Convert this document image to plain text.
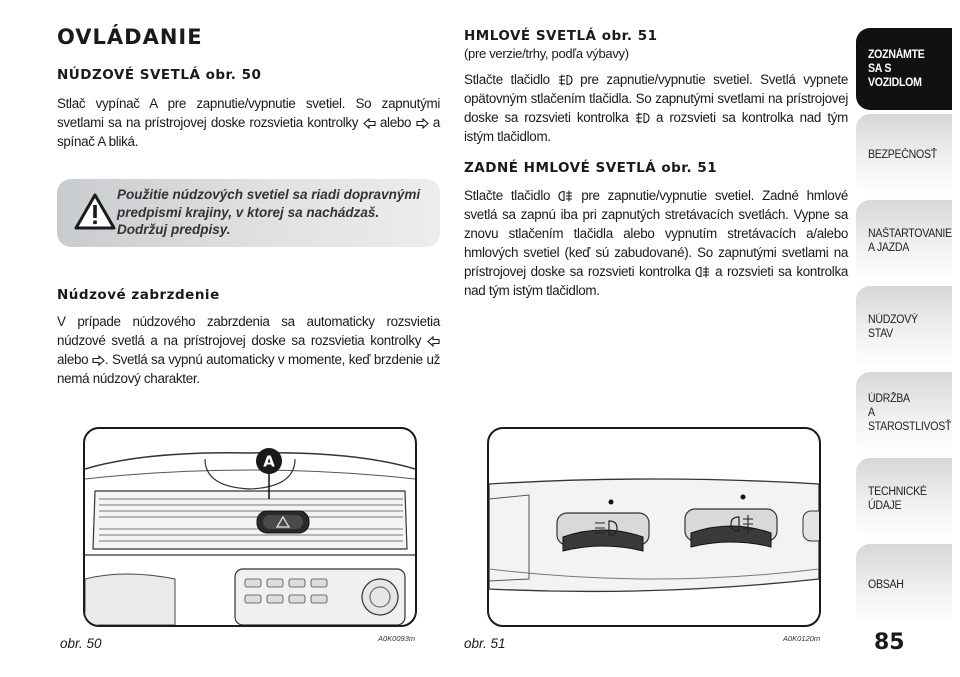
OVLÁDANIE
NÚDZOVÉ SVETLÁ obr. 50

Stlač vypínač A pre zapnutie/vypnutie svetiel. So zapnutými svetlami sa na prístrojovej doske rozsvietia kontrolky  alebo  a spínač A bliká.

Použitie núdzových svetiel sa riadi dopravnými predpismi krajiny, v ktorej sa nachádzaš. Dodržuj predpisy.
Núdzové zabrzdenie

V prípade núdzového zabrzdenia sa automaticky rozsvietia núdzové svetlá a na prístrojovej doske sa rozsvietia kontrolky  alebo . Svetlá sa vypnú automaticky v momente, keď brzdenie už nemá núdzový charakter.

HMLOVÉ SVETLÁ obr. 51

(pre verzie/trhy, podľa výbavy)

Stlačte tlačidlo  pre zapnutie/vypnutie svetiel. Svetlá vypnete opätovným stlačením tlačidla. So zapnutými svetlami na prístrojovej doske sa rozsvieti kontrolka  a rozsvieti sa kontrolka nad tým istým tlačidlom.

ZADNÉ HMLOVÉ SVETLÁ obr. 51

Stlačte tlačidlo  pre zapnutie/vypnutie svetiel. Zadné hmlové svetlá sa zapnú iba pri zapnutých stretávacích svetlách. Vypne sa znovu stlačením tlačidla alebo vypnutím stretávacích a/alebo hmlových svetiel (keď sú zabudované). So zapnutými svetlami na prístrojovej doske sa rozsvieti kontrolka  a rozsvieti sa kontrolka nad tým istým tlačidlom.

A

obr. 50	A0K0093m	obr. 51	A0K0120m 85

ZOZNÁMTE
SA S VOZIDLOM
BEZPEČNOSŤ
NAŠTARTOVANIE
A JAZDA
NÚDZOVÝ STAV
ÚDRŽBA
A STAROSTLIVOSŤ
TECHNICKÉ
ÚDAJE
OBSAH
